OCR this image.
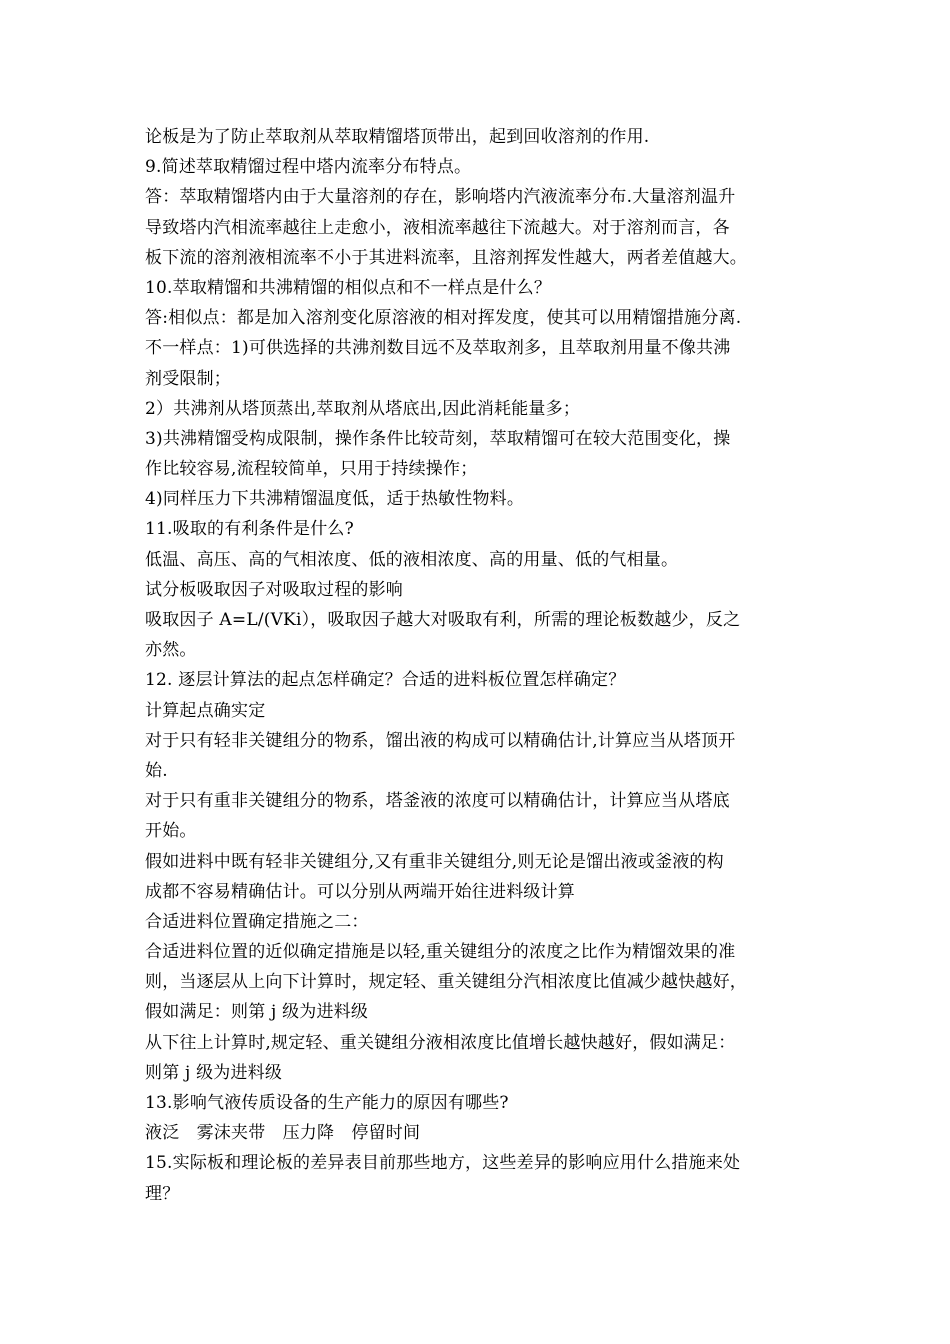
论板是为了防止萃取剂从萃取精馏塔顶带出，起到回收溶剂的作用.
9.简述萃取精馏过程中塔内流率分布特点。
答：萃取精馏塔内由于大量溶剂的存在，影响塔内汽液流率分布.大量溶剂温升
导致塔内汽相流率越往上走愈小，液相流率越往下流越大。对于溶剂而言，各
板下流的溶剂液相流率不小于其进料流率，且溶剂挥发性越大，两者差值越大。
10.萃取精馏和共沸精馏的相似点和不一样点是什么？
答:相似点：都是加入溶剂变化原溶液的相对挥发度，使其可以用精馏措施分离.
不一样点：1)可供选择的共沸剂数目远不及萃取剂多，且萃取剂用量不像共沸
剂受限制；
2）共沸剂从塔顶蒸出,萃取剂从塔底出,因此消耗能量多；
3)共沸精馏受构成限制，操作条件比较苛刻，萃取精馏可在较大范围变化，操
作比较容易,流程较简单，只用于持续操作；
4)同样压力下共沸精馏温度低，适于热敏性物料。
11.吸取的有利条件是什么?
低温、高压、高的气相浓度、低的液相浓度、高的用量、低的气相量。
试分板吸取因子对吸取过程的影响
吸取因子 A=L/(VKi），吸取因子越大对吸取有利，所需的理论板数越少，反之
亦然。
12. 逐层计算法的起点怎样确定？合适的进料板位置怎样确定？
计算起点确实定
对于只有轻非关键组分的物系，馏出液的构成可以精确估计,计算应当从塔顶开
始.
对于只有重非关键组分的物系，塔釜液的浓度可以精确估计，计算应当从塔底
开始。
假如进料中既有轻非关键组分,又有重非关键组分,则无论是馏出液或釜液的构
成都不容易精确估计。可以分别从两端开始往进料级计算
合适进料位置确定措施之二：
合适进料位置的近似确定措施是以轻,重关键组分的浓度之比作为精馏效果的准
则，当逐层从上向下计算时，规定轻、重关键组分汽相浓度比值减少越快越好，
假如满足：则第 j 级为进料级
从下往上计算时,规定轻、重关键组分液相浓度比值增长越快越好，假如满足：
则第 j 级为进料级
13.影响气液传质设备的生产能力的原因有哪些?
液泛　雾沫夹带　压力降　停留时间
15.实际板和理论板的差异表目前那些地方，这些差异的影响应用什么措施来处
理？
